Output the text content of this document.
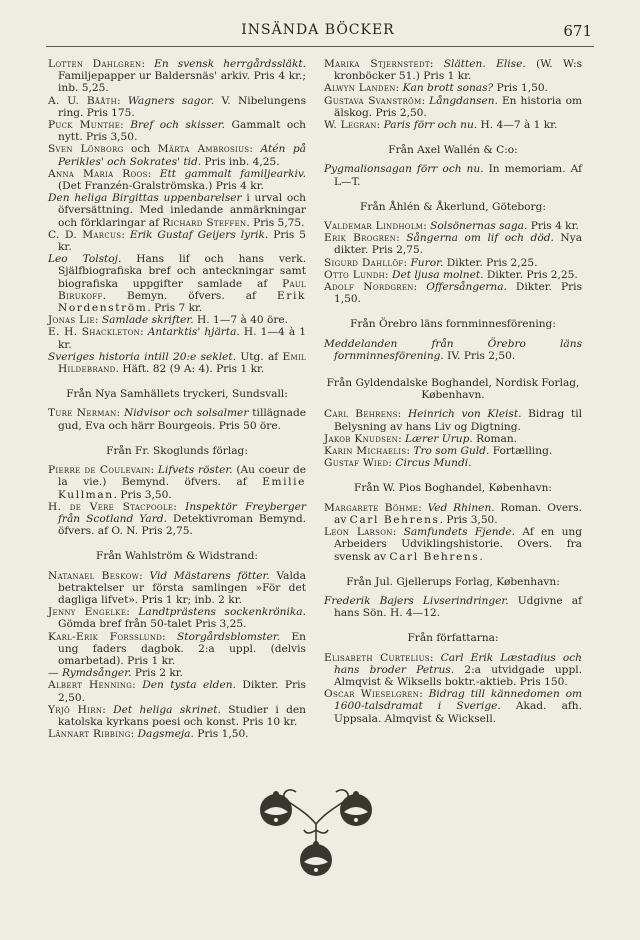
INSÄNDA BÖCKER	671

Lotten Dahlgren: En svensk herrgårdssläkt. Familjepapper ur Baldersnäs' arkiv. Pris 4 kr.; inb. 5,25.

A. U. Bååth: Wagners sagor. V. Nibelungens ring. Pris 175.

Puck Munthe: Bref och skisser. Gammalt och nytt. Pris 3,50.

Sven Lönborg och Märta Ambrosius: Atén på Perikles' och Sokrates' tid. Pris inb. 4,25.

Anna Maria Roos: Ett gammalt familjearkiv. (Det Franzén-Gralströmska.) Pris 4 kr.

Den heliga Birgittas uppenbarelser i urval och öfversättning. Med inledande anmärkningar och förklaringar af Richard Steffen. Pris 5,75.

C. D. Marcus: Erik Gustaf Geijers lyrik. Pris 5 kr.

Leo Tolstoj. Hans lif och hans verk. Själfbiografiska bref och anteckningar samt biografiska uppgifter samlade af Paul Birukoff. Bemyn. öfvers. af Erik Nordenström. Pris 7 kr.

Jonas Lie: Samlade skrifter. H. 1—7 à 40 öre.

E. H. Shackleton: Antarktis' hjärta. H. 1—4 à 1 kr.

Sveriges historia intill 20:e seklet. Utg. af Emil Hildebrand. Häft. 82 (9 A: 4). Pris 1 kr.

Från Nya Samhällets tryckeri, Sundsvall:

Ture Nerman: Nidvisor och solsalmer tillägnade gud, Eva och härr Bourgeois. Pris 50 öre.

Från Fr. Skoglunds förlag:

Pierre de Coulevain: Lifvets röster. (Au coeur de la vie.) Bemynd. öfvers. af Emilie Kullman. Pris 3,50.

H. de Vere Stacpoole: Inspektör Freyberger från Scotland Yard. Detektivroman Bemynd. öfvers. af O. N. Pris 2,75.

Från Wahlström & Widstrand:

Natanael Beskow: Vid Mästarens fötter. Valda betraktelser ur första samlingen »För det dagliga lifvet». Pris 1 kr; inb. 2 kr.

Jenny Engelke: Landtprästens sockenkrönika. Gömda bref från 50-talet Pris 3,25.

Karl-Erik Forsslund: Storgårdsblomster. En ung faders dagbok. 2:a uppl. (delvis omarbetad). Pris 1 kr.

— Rymdsånger. Pris 2 kr.

Albert Henning: Den tysta elden. Dikter. Pris 2,50.

Yrjö Hirn: Det heliga skrinet. Studier i den katolska kyrkans poesi och konst. Pris 10 kr.

Lännart Ribbing: Dagsmeja. Pris 1,50.

Marika Stjernstedt: Slätten. Elise. (W. W:s kronböcker 51.) Pris 1 kr.

Alwyn Landen: Kan brott sonas? Pris 1,50.

Gustava Svanström: Långdansen. En historia om älskog. Pris 2,50.

W. Legran: Paris förr och nu. H. 4—7 à 1 kr.

Från Axel Wallén & C:o:

Pygmalionsagan förr och nu. In memoriam. Af L—T.

Från Åhlén & Åkerlund, Göteborg:

Valdemar Lindholm: Solsönernas saga. Pris 4 kr.

Erik Brogren: Sångerna om lif och död. Nya dikter. Pris 2,75.

Sigurd Dahllöf: Furor. Dikter. Pris 2,25.

Otto Lundh: Det ljusa molnet. Dikter. Pris 2,25.

Adolf Nordgren: Offersångerna. Dikter. Pris 1,50.

Från Örebro läns fornminnesförening:

Meddelanden från Örebro läns fornminnesförening. IV. Pris 2,50.

Från Gyldendalske Boghandel, Nordisk Forlag, København.

Carl Behrens: Heinrich von Kleist. Bidrag til Belysning av hans Liv og Digtning.

Jakob Knudsen: Lærer Urup. Roman.

Karin Michaelis: Tro som Guld. Fortælling.

Gustaf Wied: Circus Mundi.

Från W. Pios Boghandel, København:

Margarete Böhme: Ved Rhinen. Roman. Overs. av Carl Behrens. Pris 3,50.

Leon Larson: Samfundets Fjende. Af en ung Arbeiders Udviklingshistorie. Overs. fra svensk av Carl Behrens.

Från Jul. Gjellerups Forlag, København:

Frederik Bajers Livserindringer. Udgivne af hans Sön. H. 4—12.

Från författarna:

Elisabeth Curtelius: Carl Erik Læstadius och hans broder Petrus. 2:a utvidgade uppl. Almqvist & Wiksells boktr.-aktieb. Pris 150.

Oscar Wieselgren: Bidrag till kännedomen om 1600-talsdramat i Sverige. Akad. afh. Uppsala. Almqvist & Wicksell.
